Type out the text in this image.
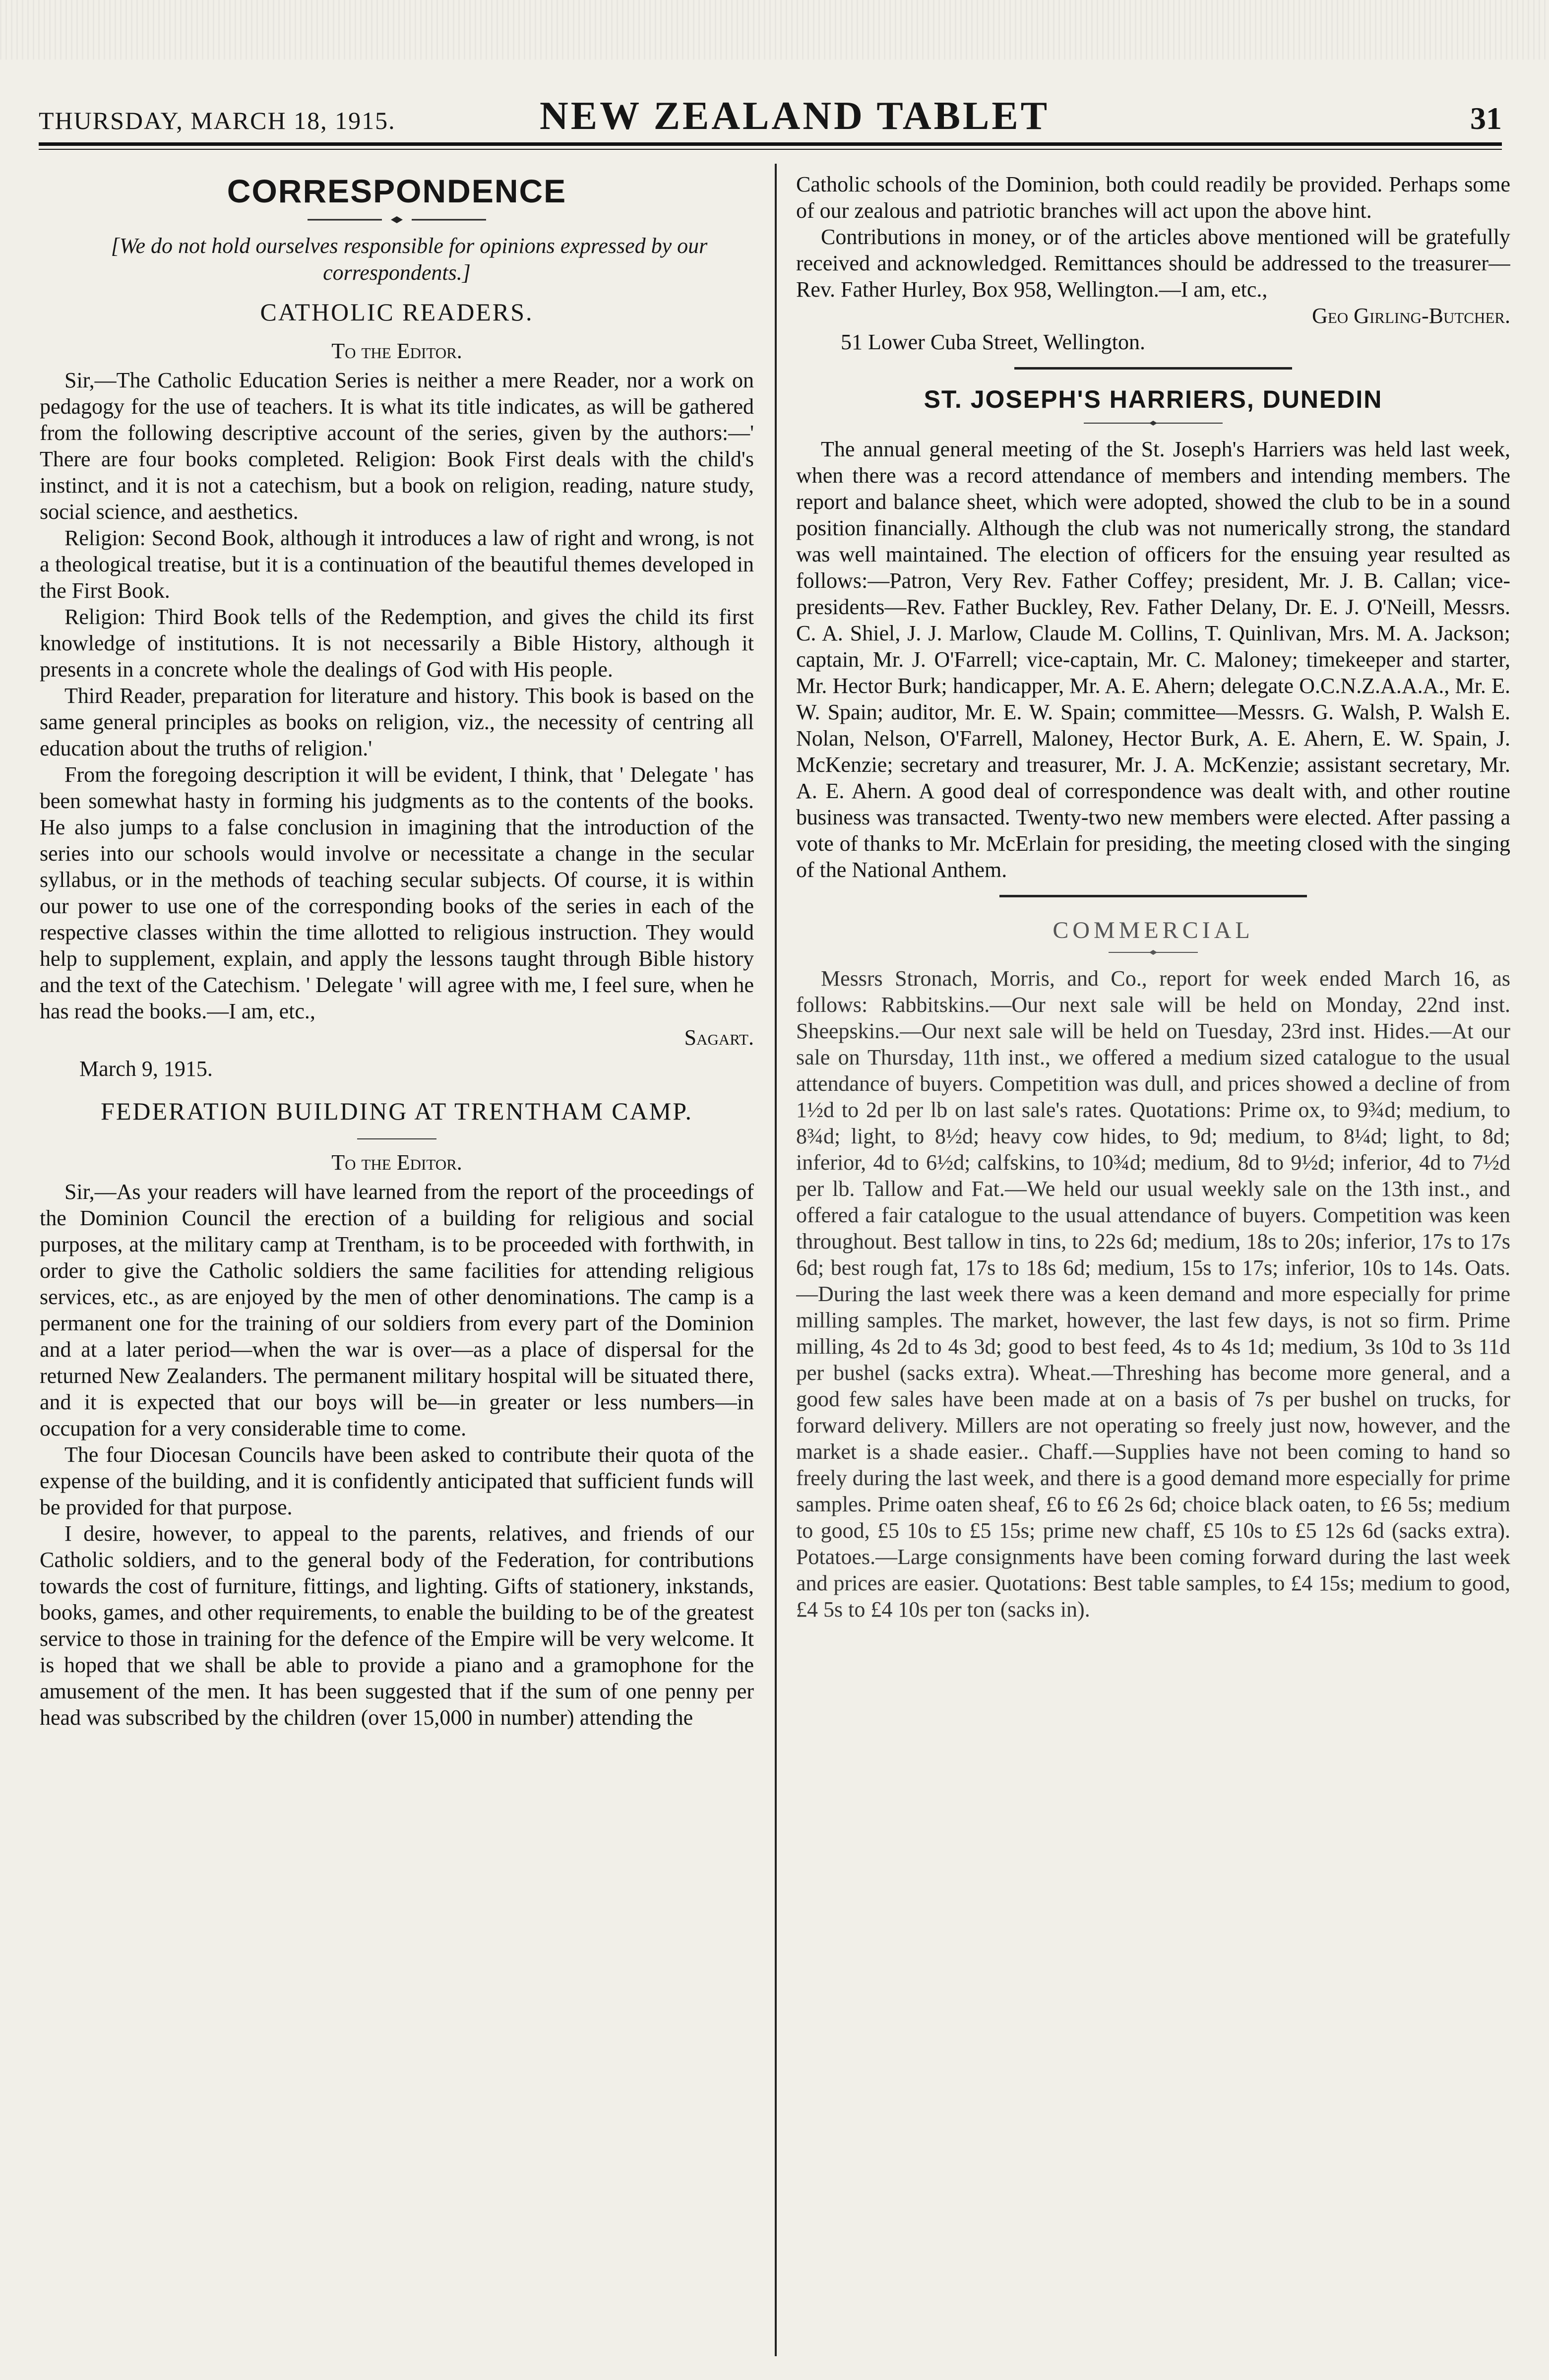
THURSDAY, MARCH 18, 1915.	NEW ZEALAND TABLET	31
CORRESPONDENCE

[We do not hold ourselves responsible for opinions expressed by our correspondents.]

CATHOLIC READERS.
To the Editor.

Sir,—The Catholic Education Series is neither a mere Reader, nor a work on pedagogy for the use of teachers. It is what its title indicates, as will be gathered from the following descriptive account of the series, given by the authors:—' There are four books completed. Religion: Book First deals with the child's instinct, and it is not a catechism, but a book on religion, reading, nature study, social science, and aesthetics.

Religion: Second Book, although it introduces a law of right and wrong, is not a theological treatise, but it is a continuation of the beautiful themes developed in the First Book.

Religion: Third Book tells of the Redemption, and gives the child its first knowledge of institutions. It is not necessarily a Bible History, although it presents in a concrete whole the dealings of God with His people.

Third Reader, preparation for literature and history. This book is based on the same general principles as books on religion, viz., the necessity of centring all education about the truths of religion.'

From the foregoing description it will be evident, I think, that ' Delegate ' has been somewhat hasty in forming his judgments as to the contents of the books. He also jumps to a false conclusion in imagining that the introduction of the series into our schools would involve or necessitate a change in the secular syllabus, or in the methods of teaching secular subjects. Of course, it is within our power to use one of the corresponding books of the series in each of the respective classes within the time allotted to religious instruction. They would help to supplement, explain, and apply the lessons taught through Bible history and the text of the Catechism. ' Delegate ' will agree with me, I feel sure, when he has read the books.—I am, etc.,

Sagart.

March 9, 1915.

FEDERATION BUILDING AT TRENTHAM CAMP.
To the Editor.

Sir,—As your readers will have learned from the report of the proceedings of the Dominion Council the erection of a building for religious and social purposes, at the military camp at Trentham, is to be proceeded with forthwith, in order to give the Catholic soldiers the same facilities for attending religious services, etc., as are enjoyed by the men of other denominations. The camp is a permanent one for the training of our soldiers from every part of the Dominion and at a later period—when the war is over—as a place of dispersal for the returned New Zealanders. The permanent military hospital will be situated there, and it is expected that our boys will be—in greater or less numbers—in occupation for a very considerable time to come.

The four Diocesan Councils have been asked to contribute their quota of the expense of the building, and it is confidently anticipated that sufficient funds will be provided for that purpose.

I desire, however, to appeal to the parents, relatives, and friends of our Catholic soldiers, and to the general body of the Federation, for contributions towards the cost of furniture, fittings, and lighting. Gifts of stationery, inkstands, books, games, and other requirements, to enable the building to be of the greatest service to those in training for the defence of the Empire will be very welcome. It is hoped that we shall be able to provide a piano and a gramophone for the amusement of the men. It has been suggested that if the sum of one penny per head was subscribed by the children (over 15,000 in number) attending the

Catholic schools of the Dominion, both could readily be provided. Perhaps some of our zealous and patriotic branches will act upon the above hint.

Contributions in money, or of the articles above mentioned will be gratefully received and acknowledged. Remittances should be addressed to the treasurer—Rev. Father Hurley, Box 958, Wellington.—I am, etc.,

Geo Girling-Butcher.

51 Lower Cuba Street, Wellington.

ST. JOSEPH'S HARRIERS, DUNEDIN

The annual general meeting of the St. Joseph's Harriers was held last week, when there was a record attendance of members and intending members. The report and balance sheet, which were adopted, showed the club to be in a sound position financially. Although the club was not numerically strong, the standard was well maintained. The election of officers for the ensuing year resulted as follows:—Patron, Very Rev. Father Coffey; president, Mr. J. B. Callan; vice-presidents—Rev. Father Buckley, Rev. Father Delany, Dr. E. J. O'Neill, Messrs. C. A. Shiel, J. J. Marlow, Claude M. Collins, T. Quinlivan, Mrs. M. A. Jackson; captain, Mr. J. O'Farrell; vice-captain, Mr. C. Maloney; timekeeper and starter, Mr. Hector Burk; handicapper, Mr. A. E. Ahern; delegate O.C.N.Z.A.A.A., Mr. E. W. Spain; auditor, Mr. E. W. Spain; committee—Messrs. G. Walsh, P. Walsh E. Nolan, Nelson, O'Farrell, Maloney, Hector Burk, A. E. Ahern, E. W. Spain, J. McKenzie; secretary and treasurer, Mr. J. A. McKenzie; assistant secretary, Mr. A. E. Ahern. A good deal of correspondence was dealt with, and other routine business was transacted. Twenty-two new members were elected. After passing a vote of thanks to Mr. McErlain for presiding, the meeting closed with the singing of the National Anthem.

COMMERCIAL

Messrs Stronach, Morris, and Co., report for week ended March 16, as follows: Rabbitskins.—Our next sale will be held on Monday, 22nd inst. Sheepskins.—Our next sale will be held on Tuesday, 23rd inst. Hides.—At our sale on Thursday, 11th inst., we offered a medium sized catalogue to the usual attendance of buyers. Competition was dull, and prices showed a decline of from 1½d to 2d per lb on last sale's rates. Quotations: Prime ox, to 9¾d; medium, to 8¾d; light, to 8½d; heavy cow hides, to 9d; medium, to 8¼d; light, to 8d; inferior, 4d to 6½d; calfskins, to 10¾d; medium, 8d to 9½d; inferior, 4d to 7½d per lb. Tallow and Fat.—We held our usual weekly sale on the 13th inst., and offered a fair catalogue to the usual attendance of buyers. Competition was keen throughout. Best tallow in tins, to 22s 6d; medium, 18s to 20s; inferior, 17s to 17s 6d; best rough fat, 17s to 18s 6d; medium, 15s to 17s; inferior, 10s to 14s. Oats.—During the last week there was a keen demand and more especially for prime milling samples. The market, however, the last few days, is not so firm. Prime milling, 4s 2d to 4s 3d; good to best feed, 4s to 4s 1d; medium, 3s 10d to 3s 11d per bushel (sacks extra). Wheat.—Threshing has become more general, and a good few sales have been made at on a basis of 7s per bushel on trucks, for forward delivery. Millers are not operating so freely just now, however, and the market is a shade easier.. Chaff.—Supplies have not been coming to hand so freely during the last week, and there is a good demand more especially for prime samples. Prime oaten sheaf, £6 to £6 2s 6d; choice black oaten, to £6 5s; medium to good, £5 10s to £5 15s; prime new chaff, £5 10s to £5 12s 6d (sacks extra). Potatoes.—Large consignments have been coming forward during the last week and prices are easier. Quotations: Best table samples, to £4 15s; medium to good, £4 5s to £4 10s per ton (sacks in).
